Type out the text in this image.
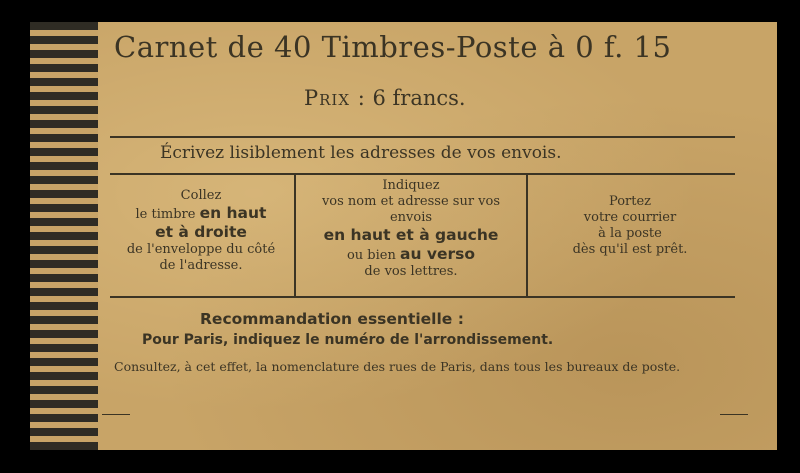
Carnet de 40 Timbres-Poste à 0 f. 15
Prix : 6 francs.
Écrivez lisiblement les adresses de vos envois.
Collez
le timbre en haut
et à droite
de l'enveloppe du côté
de l'adresse.
Indiquez
vos nom et adresse sur vos
envois
en haut et à gauche
ou bien au verso
de vos lettres.
Portez
votre courrier
à la poste
dès qu'il est prêt.
Recommandation essentielle :
Pour Paris, indiquez le numéro de l'arrondissement.
Consultez, à cet effet, la nomenclature des rues de Paris, dans tous les bureaux de poste.
